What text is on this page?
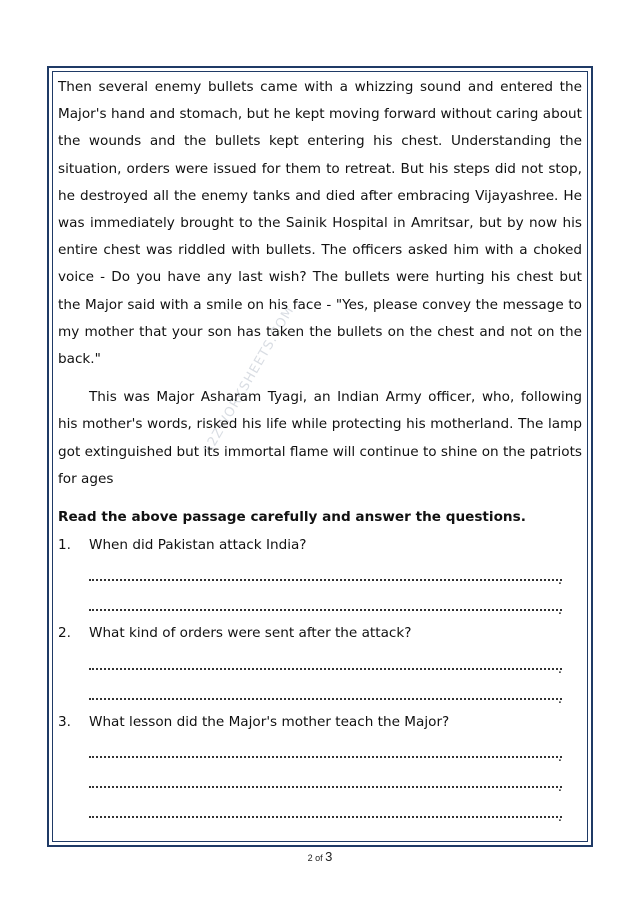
A2ZWORKSHEETS.COM

Then several enemy bullets came with a whizzing sound and entered the Major's hand and stomach, but he kept moving forward without caring about the wounds and the bullets kept entering his chest. Understanding the situation, orders were issued for them to retreat. But his steps did not stop, he destroyed all the enemy tanks and died after embracing Vijayashree. He was immediately brought to the Sainik Hospital in Amritsar, but by now his entire chest was riddled with bullets. The officers asked him with a choked voice - Do you have any last wish? The bullets were hurting his chest but the Major said with a smile on his face - "Yes, please convey the message to my mother that your son has taken the bullets on the chest and not on the back."

This was Major Asharam Tyagi, an Indian Army officer, who, following his mother's words, risked his life while protecting his motherland. The lamp got extinguished but its immortal flame will continue to shine on the patriots for ages

Read the above passage carefully and answer the questions.
1.	When did Pakistan attack India?
.
.
2.	What kind of orders were sent after the attack?
.
.
3.	What lesson did the Major's mother teach the Major?
.
.
.
2 of 3
